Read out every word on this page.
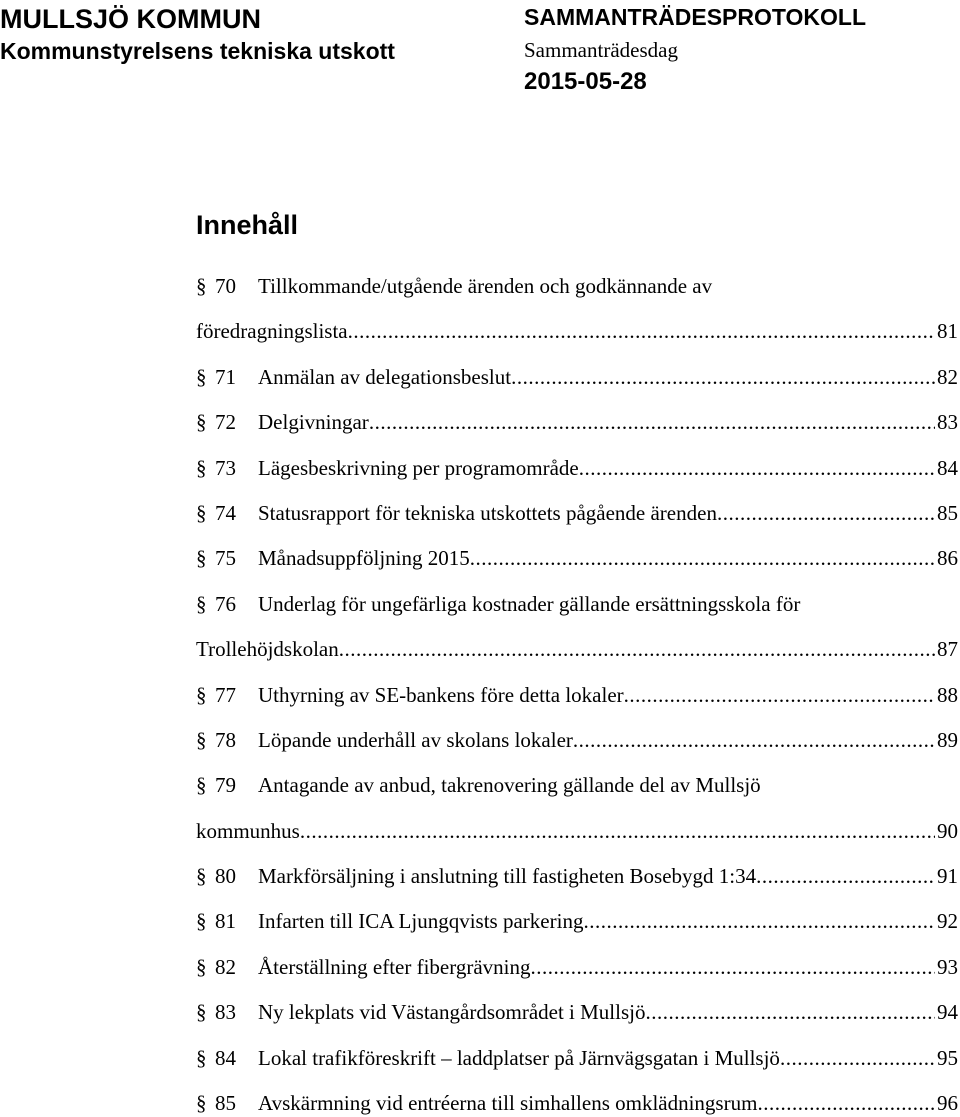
MULLSJÖ KOMMUN
Kommunstyrelsens tekniska utskott
SAMMANTRÄDESPROTOKOLL
Sammanträdesdag
2015-05-28
Innehåll
§ 70 Tillkommande/utgående ärenden och godkännande av
föredragningslista .....	81
§ 71 Anmälan av delegationsbeslut .....	82
§ 72 Delgivningar .....	83
§ 73 Lägesbeskrivning per programområde .....	84
§ 74 Statusrapport för tekniska utskottets pågående ärenden .....	85
§ 75 Månadsuppföljning 2015 .....	86
§ 76 Underlag för ungefärliga kostnader gällande ersättningsskola för
Trollehöjdskolan .....	87
§ 77 Uthyrning av SE-bankens före detta lokaler .....	88
§ 78 Löpande underhåll av skolans lokaler .....	89
§ 79 Antagande av anbud, takrenovering gällande del av Mullsjö
kommunhus .....	90
§ 80 Markförsäljning i anslutning till fastigheten Bosebygd 1:34 .....	91
§ 81 Infarten till ICA Ljungqvists parkering .....	92
§ 82 Återställning efter fibergrävning .....	93
§ 83 Ny lekplats vid Västangårdsområdet i Mullsjö .....	94
§ 84 Lokal trafikföreskrift – laddplatser på Järnvägsgatan i Mullsjö .....	95
§ 85 Avskärmning vid entréerna till simhallens omklädningsrum .....	96
